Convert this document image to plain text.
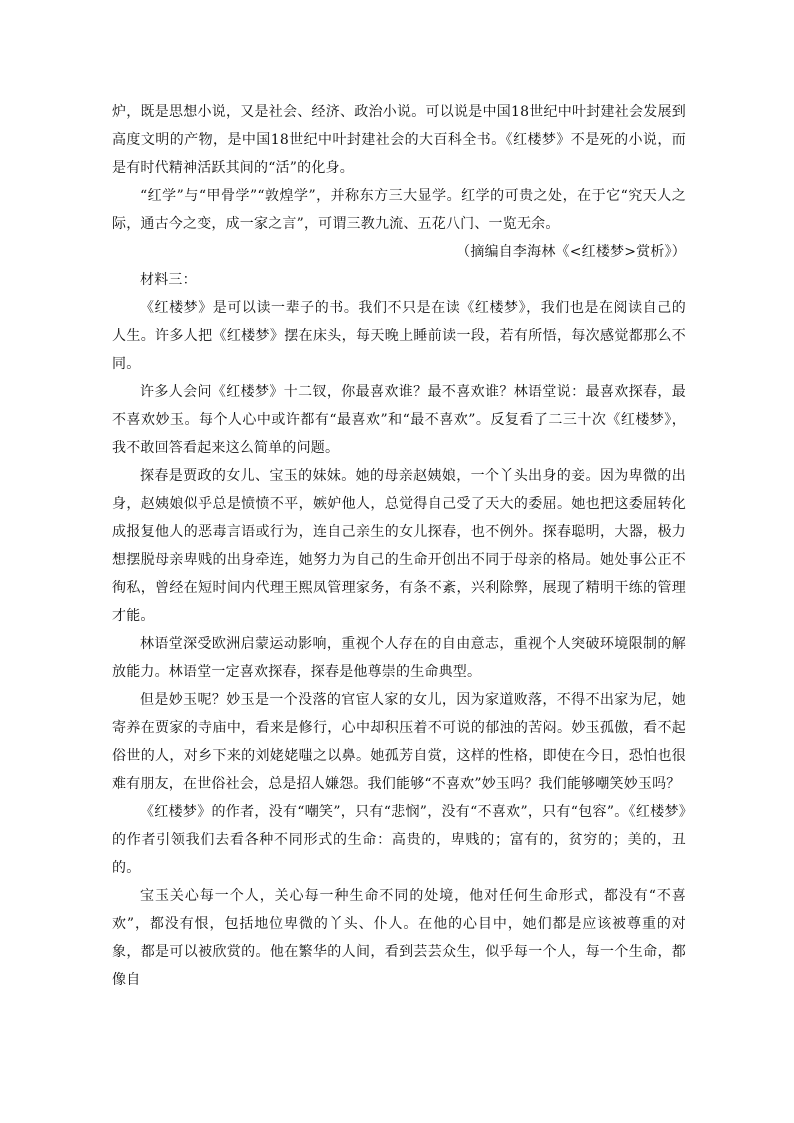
炉，既是思想小说，又是社会、经济、政治小说。可以说是中国18世纪中叶封建社会发展到高度文明的产物，是中国18世纪中叶封建社会的大百科全书。《红楼梦》不是死的小说，而是有时代精神活跃其间的“活”的化身。

“红学”与“甲骨学”“敦煌学”，并称东方三大显学。红学的可贵之处，在于它“究天人之际，通古今之变，成一家之言”，可谓三教九流、五花八门、一览无余。

（摘编自李海林《<红楼梦>赏析》）

材料三：

《红楼梦》是可以读一辈子的书。我们不只是在读《红楼梦》，我们也是在阅读自己的人生。许多人把《红楼梦》摆在床头，每天晚上睡前读一段，若有所悟，每次感觉都那么不同。

许多人会问《红楼梦》十二钗，你最喜欢谁？最不喜欢谁？林语堂说：最喜欢探春，最不喜欢妙玉。每个人心中或许都有“最喜欢”和“最不喜欢”。反复看了二三十次《红楼梦》，我不敢回答看起来这么简单的问题。

探春是贾政的女儿、宝玉的妹妹。她的母亲赵姨娘，一个丫头出身的妾。因为卑微的出身，赵姨娘似乎总是愤愤不平，嫉妒他人，总觉得自己受了天大的委屈。她也把这委屈转化成报复他人的恶毒言语或行为，连自己亲生的女儿探春，也不例外。探春聪明，大器，极力想摆脱母亲卑贱的出身牵连，她努力为自己的生命开创出不同于母亲的格局。她处事公正不徇私，曾经在短时间内代理王熙凤管理家务，有条不紊，兴利除弊，展现了精明干练的管理才能。

林语堂深受欧洲启蒙运动影响，重视个人存在的自由意志，重视个人突破环境限制的解放能力。林语堂一定喜欢探春，探春是他尊崇的生命典型。

但是妙玉呢？妙玉是一个没落的官宦人家的女儿，因为家道败落，不得不出家为尼，她寄养在贾家的寺庙中，看来是修行，心中却积压着不可说的郁浊的苦闷。妙玉孤傲，看不起俗世的人，对乡下来的刘姥姥嗤之以鼻。她孤芳自赏，这样的性格，即使在今日，恐怕也很难有朋友，在世俗社会，总是招人嫌怨。我们能够“不喜欢”妙玉吗？我们能够嘲笑妙玉吗？

《红楼梦》的作者，没有“嘲笑”，只有“悲悯”，没有“不喜欢”，只有“包容”。《红楼梦》的作者引领我们去看各种不同形式的生命：高贵的，卑贱的；富有的，贫穷的；美的，丑的。

宝玉关心每一个人，关心每一种生命不同的处境，他对任何生命形式，都没有“不喜欢”，都没有恨，包括地位卑微的丫头、仆人。在他的心目中，她们都是应该被尊重的对象，都是可以被欣赏的。他在繁华的人间，看到芸芸众生，似乎每一个人，每一个生命，都像自
